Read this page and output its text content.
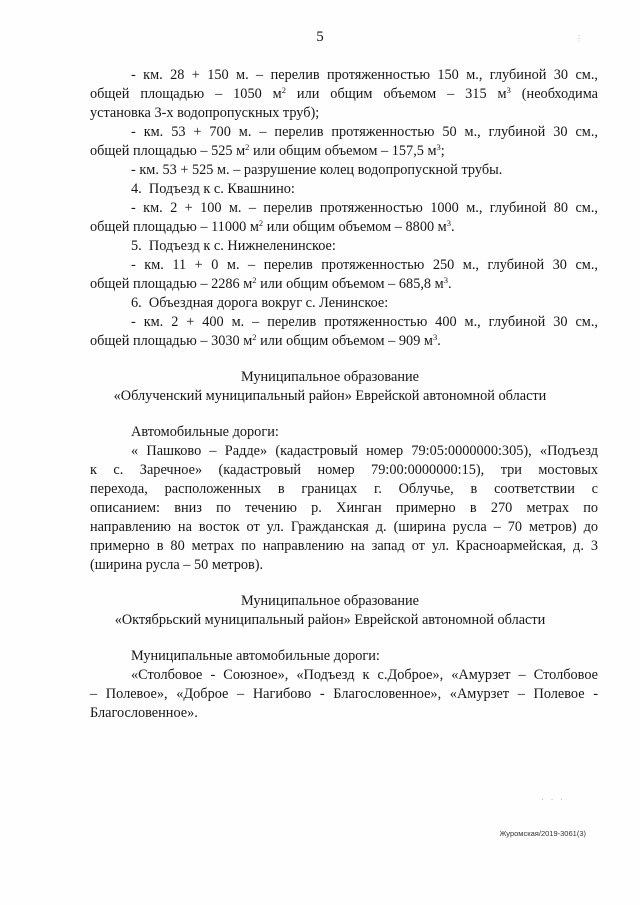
5
- км. 28 + 150 м. – перелив протяженностью 150 м., глубиной 30 см.,
общей площадью – 1050 $м^2$ или общим объемом – 315 $м^3$ (необходима
установка 3-х водопропускных труб);
- км. 53 + 700 м. – перелив протяженностью 50 м., глубиной 30 см.,
общей площадью – 525 $м^2$ или общим объемом – 157,5 $м^3$;
- км. 53 + 525 м. – разрушение колец водопропускной трубы.
4.  Подъезд к с. Квашнино:
- км. 2 + 100 м. – перелив протяженностью 1000 м., глубиной 80 см.,
общей площадью – 11000 $м^2$ или общим объемом – 8800 $м^3$.
5.  Подъезд к с. Нижнеленинское:
- км. 11 + 0 м. – перелив протяженностью 250 м., глубиной 30 см.,
общей площадью – 2286 $м^2$ или общим объемом – 685,8 $м^3$.
6.  Объездная дорога вокруг с. Ленинское:
- км. 2 + 400 м. – перелив протяженностью 400 м., глубиной 30 см.,
общей площадью – 3030 $м^2$ или общим объемом – 909 $м^3$.
Муниципальное образование
«Облученский муниципальный район» Еврейской автономной области
Автомобильные дороги:
« Пашково – Радде» (кадастровый номер 79:05:0000000:305), «Подъезд
к с. Заречное» (кадастровый номер 79:00:0000000:15), три мостовых
перехода, расположенных в границах г. Облучье, в соответствии с
описанием: вниз по течению р. Хинган примерно в 270 метрах по
направлению на восток от ул. Гражданская д. (ширина русла – 70 метров) до
примерно в 80 метрах по направлению на запад от ул. Красноармейская, д. 3
(ширина русла – 50 метров).
Муниципальное образование
«Октябрьский муниципальный район» Еврейской автономной области
Муниципальные автомобильные дороги:
«Столбовое - Союзное», «Подъезд к с.Доброе», «Амурзет – Столбовое
– Полевое», «Доброе – Нагибово - Благословенное», «Амурзет – Полевое -
Благословенное».
⋮
· · ·
Журомская/2019-3061(3)
